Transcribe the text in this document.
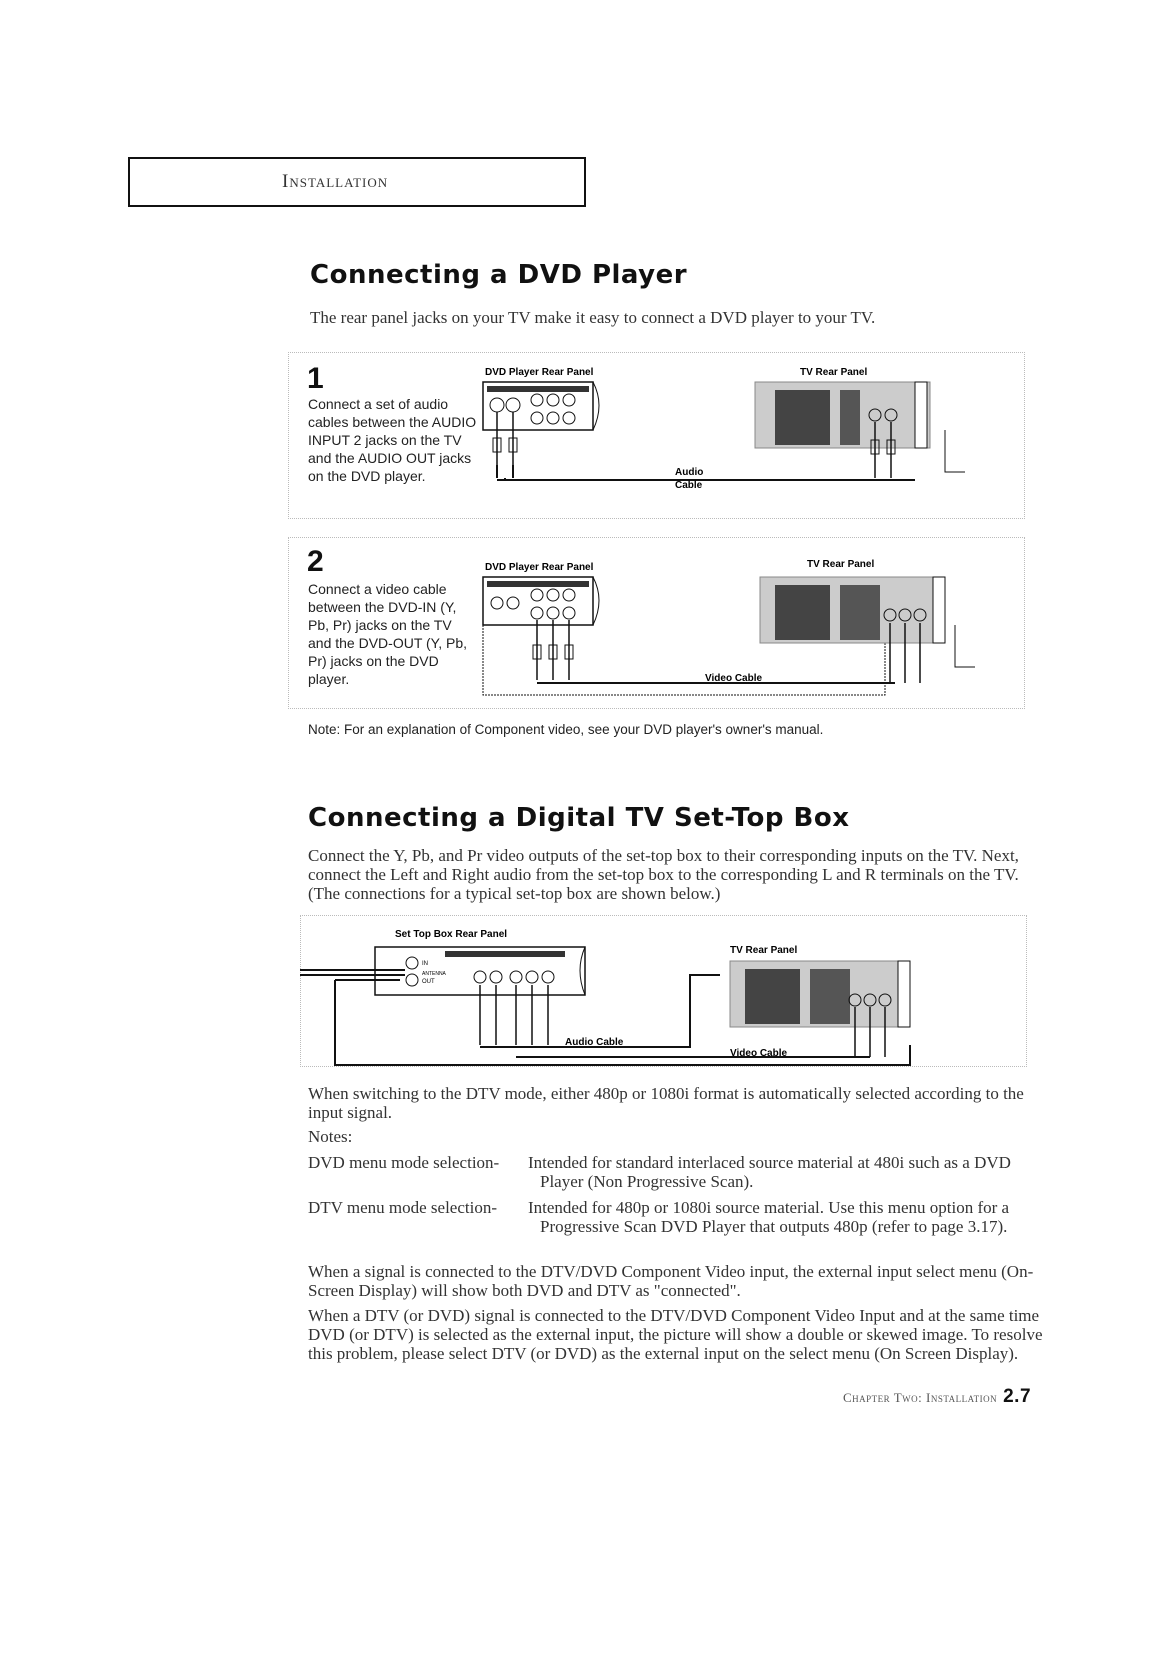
Installation
Connecting a DVD Player
The rear panel jacks on your TV make it easy to connect a DVD player to your TV.
1
Connect a set of audio cables between the AUDIO INPUT 2 jacks on the TV and the AUDIO OUT jacks on the DVD player.
DVD Player Rear Panel	TV Rear Panel
Audio
Cable
2
Connect a video cable between the DVD-IN (Y, Pb, Pr) jacks on the TV and the DVD-OUT (Y, Pb, Pr) jacks on the DVD player.
DVD Player Rear Panel	TV Rear Panel
Video Cable
Note: For an explanation of Component video, see your DVD player's owner's manual.
Connecting a Digital TV Set-Top Box
Connect the Y, Pb, and Pr video outputs of the set-top box to their corresponding inputs on the TV. Next, connect the Left and Right audio from the set-top box to the corresponding L and R terminals on the TV. (The connections for a typical set-top box are shown below.)
Set Top Box Rear Panel
TV Rear Panel
IN
ANTENNA
OUT
Audio Cable
Video Cable
When switching to the DTV mode, either 480p or 1080i format is automatically selected according to the input signal.
Notes:
DVD menu mode selection- Intended for standard interlaced source material at 480i such as a DVD Player (Non Progressive Scan).
DTV menu mode selection- Intended for 480p or 1080i source material. Use this menu option for a Progressive Scan DVD Player that outputs 480p (refer to page 3.17).
When a signal is connected to the DTV/DVD Component Video input, the external input select menu (On-Screen Display) will show both DVD and DTV as "connected".
When a DTV (or DVD) signal is connected to the DTV/DVD Component Video Input and at the same time DVD (or DTV) is selected as the external input, the picture will show a double or skewed image. To resolve this problem, please select DTV (or DVD) as the external input on the select menu (On Screen Display).
Chapter Two: Installation 2.7
